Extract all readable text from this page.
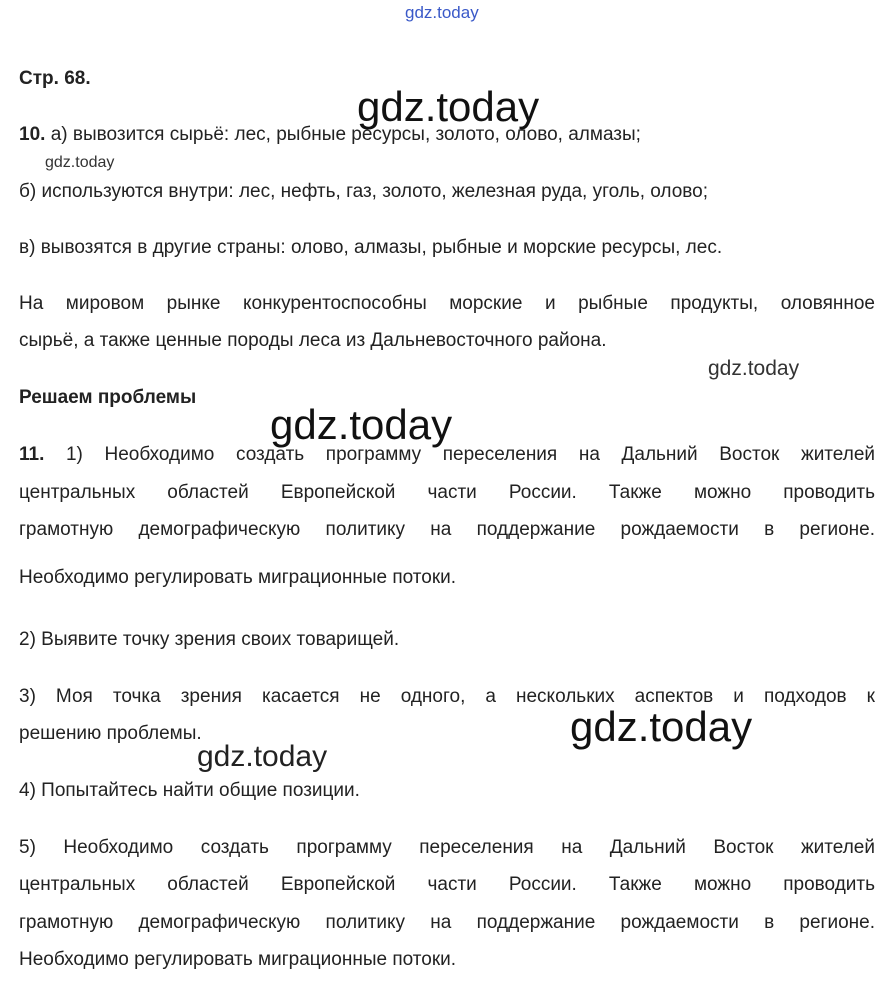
gdz.today
gdz.today
gdz.today
gdz.today
gdz.today
gdz.today
gdz.today

Стр. 68.

10. а) вывозится сырьё: лес, рыбные ресурсы, золото, олово, алмазы;

б) используются внутри: лес, нефть, газ, золото, железная руда, уголь, олово;

в) вывозятся в другие страны: олово, алмазы, рыбные и морские ресурсы, лес.

На мировом рынке конкурентоспособны морские и рыбные продукты, оловянное

сырьё, а также ценные породы леса из Дальневосточного района.

Решаем проблемы

11. 1) Необходимо создать программу переселения на Дальний Восток жителей

центральных областей Европейской части России. Также можно проводить

грамотную демографическую политику на поддержание рождаемости в регионе.

Необходимо регулировать миграционные потоки.

2) Выявите точку зрения своих товарищей.

3) Моя точка зрения касается не одного, а нескольких аспектов и подходов к

решению проблемы.

4) Попытайтесь найти общие позиции.

5) Необходимо создать программу переселения на Дальний Восток жителей

центральных областей Европейской части России. Также можно проводить

грамотную демографическую политику на поддержание рождаемости в регионе.

Необходимо регулировать миграционные потоки.
